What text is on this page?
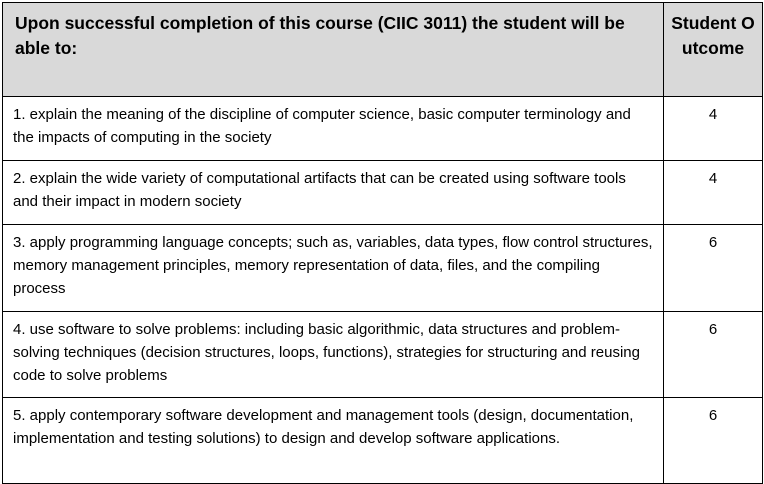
Upon successful completion of this course (CIIC 3011) the student will be able to:	Student Outcome
1. explain the meaning of the discipline of computer science, basic computer terminology and the impacts of computing in the society	4
2. explain the wide variety of computational artifacts that can be created using software tools and their impact in modern society	4
3. apply programming language concepts; such as, variables, data types, flow control structures, memory management principles, memory representation of data, files, and the compiling process	6
4. use software to solve problems: including basic algorithmic, data structures and problem-solving techniques (decision structures, loops, functions), strategies for structuring and reusing code to solve problems	6
5. apply contemporary software development and management tools (design, documentation, implementation and testing solutions) to design and develop software applications.	6
